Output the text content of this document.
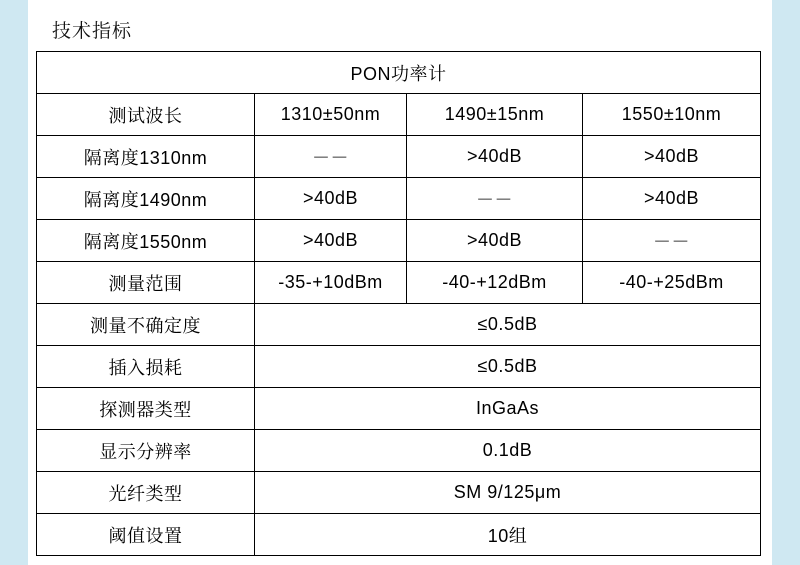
技术指标
PON功率计			
测试波长	1310±50nm	1490±15nm	1550±10nm
隔离度1310nm	－－	>40dB	>40dB
隔离度1490nm	>40dB	－－	>40dB
隔离度1550nm	>40dB	>40dB	－－
测量范围	-35-+10dBm	-40-+12dBm	-40-+25dBm
测量不确定度	≤0.5dB		
插入损耗	≤0.5dB		
探测器类型	InGaAs		
显示分辨率	0.1dB		
光纤类型	SM 9/125μm		
阈值设置	10组		
